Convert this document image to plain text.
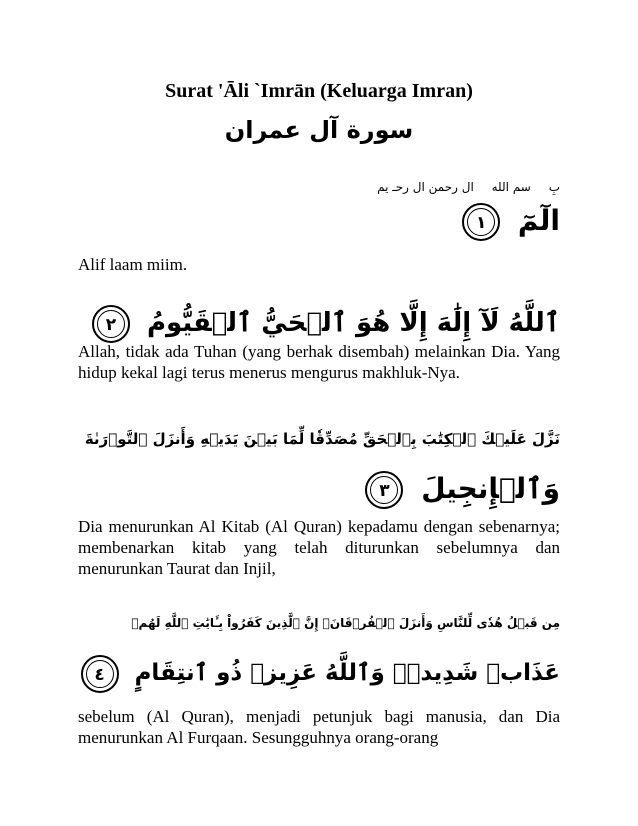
Surat 'Āli `Imrān (Keluarga Imran)
سورة آل عمران
بِ سم الله ال رحمن ال رحـ يم
الٓمٓ ١
Alif laam miim.
ٱللَّهُ لَآ إِلَٰهَ إِلَّا هُوَ ٱلۡحَيُّ ٱلۡقَيُّومُ ٢
Allah, tidak ada Tuhan (yang berhak disembah) melainkan Dia. Yang hidup kekal lagi terus menerus mengurus makhluk-Nya.
نَزَّلَ عَلَيۡكَ ٱلۡكِتَٰبَ بِٱلۡحَقِّ مُصَدِّقٗا لِّمَا بَيۡنَ يَدَيۡهِ وَأَنزَلَ ٱلتَّوۡرَىٰةَ
وَٱلۡإِنجِيلَ ٣
Dia menurunkan Al Kitab (Al Quran) kepadamu dengan sebenarnya; membenarkan kitab yang telah diturunkan sebelumnya dan menurunkan Taurat dan Injil,
مِن قَبۡلُ هُدٗى لِّلنَّاسِ وَأَنزَلَ ٱلۡفُرۡقَانَۗ إِنَّ ٱلَّذِينَ كَفَرُواْ بِـَٔايَٰتِ ٱللَّهِ لَهُمۡ
عَذَابٞ شَدِيدٞۗ وَٱللَّهُ عَزِيزٞ ذُو ٱنتِقَامٍ ٤
sebelum (Al Quran), menjadi petunjuk bagi manusia, dan Dia menurunkan Al Furqaan. Sesungguhnya orang-orang
